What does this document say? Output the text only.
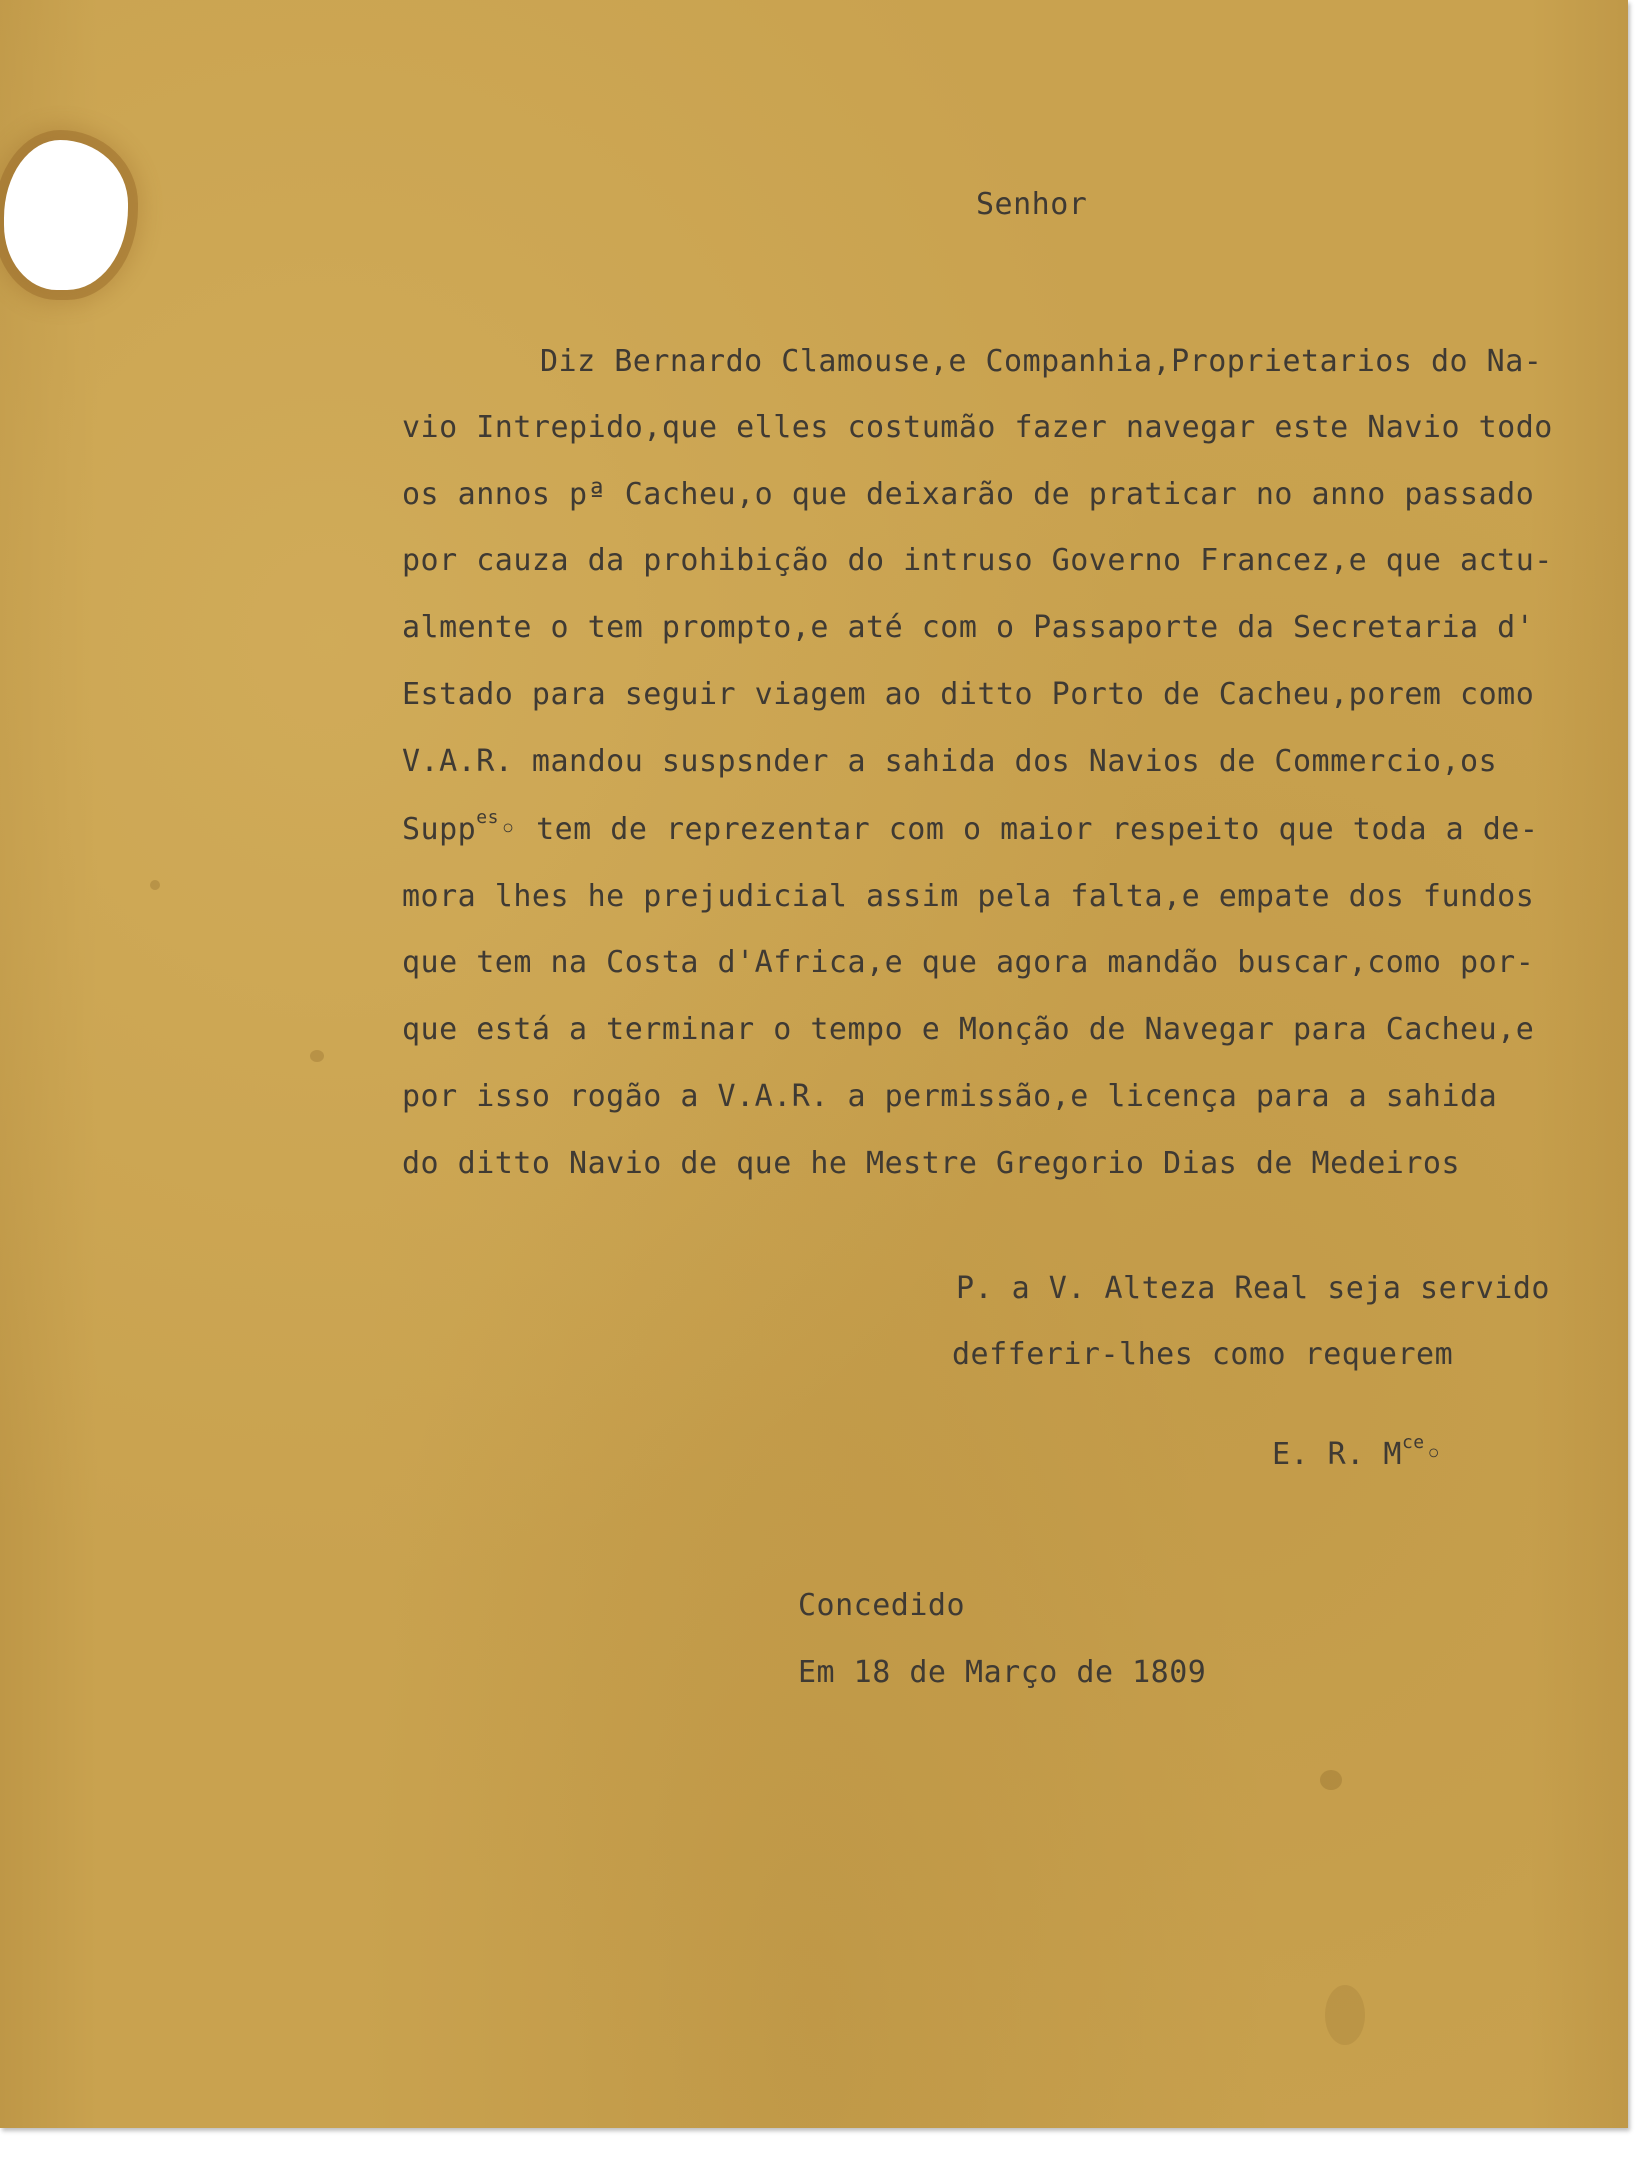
Senhor
Diz Bernardo Clamouse,e Companhia,Proprietarios do Na-
vio Intrepido,que elles costumão fazer navegar este Navio todo
os annos pª Cacheu,o que deixarão de praticar no anno passado
por cauza da prohibição do intruso Governo Francez,e que actu-
almente o tem prompto,e até com o Passaporte da Secretaria d'
Estado para seguir viagem ao ditto Porto de Cacheu,porem como
V.A.R. mandou suspsnder a sahida dos Navios de Commercio,os
Supp$^{es}$◦ tem de reprezentar com o maior respeito que toda a de-
mora lhes he prejudicial assim pela falta,e empate dos fundos
que tem na Costa d'Africa,e que agora mandão buscar,como por-
que está a terminar o tempo e Monção de Navegar para Cacheu,e
por isso rogão a V.A.R. a permissão,e licença para a sahida
do ditto Navio de que he Mestre Gregorio Dias de Medeiros
P. a V. Alteza Real seja servido
defferir-lhes como requerem
E. R. $M^{ce}◦$
Concedido
Em 18 de Março de 1809
